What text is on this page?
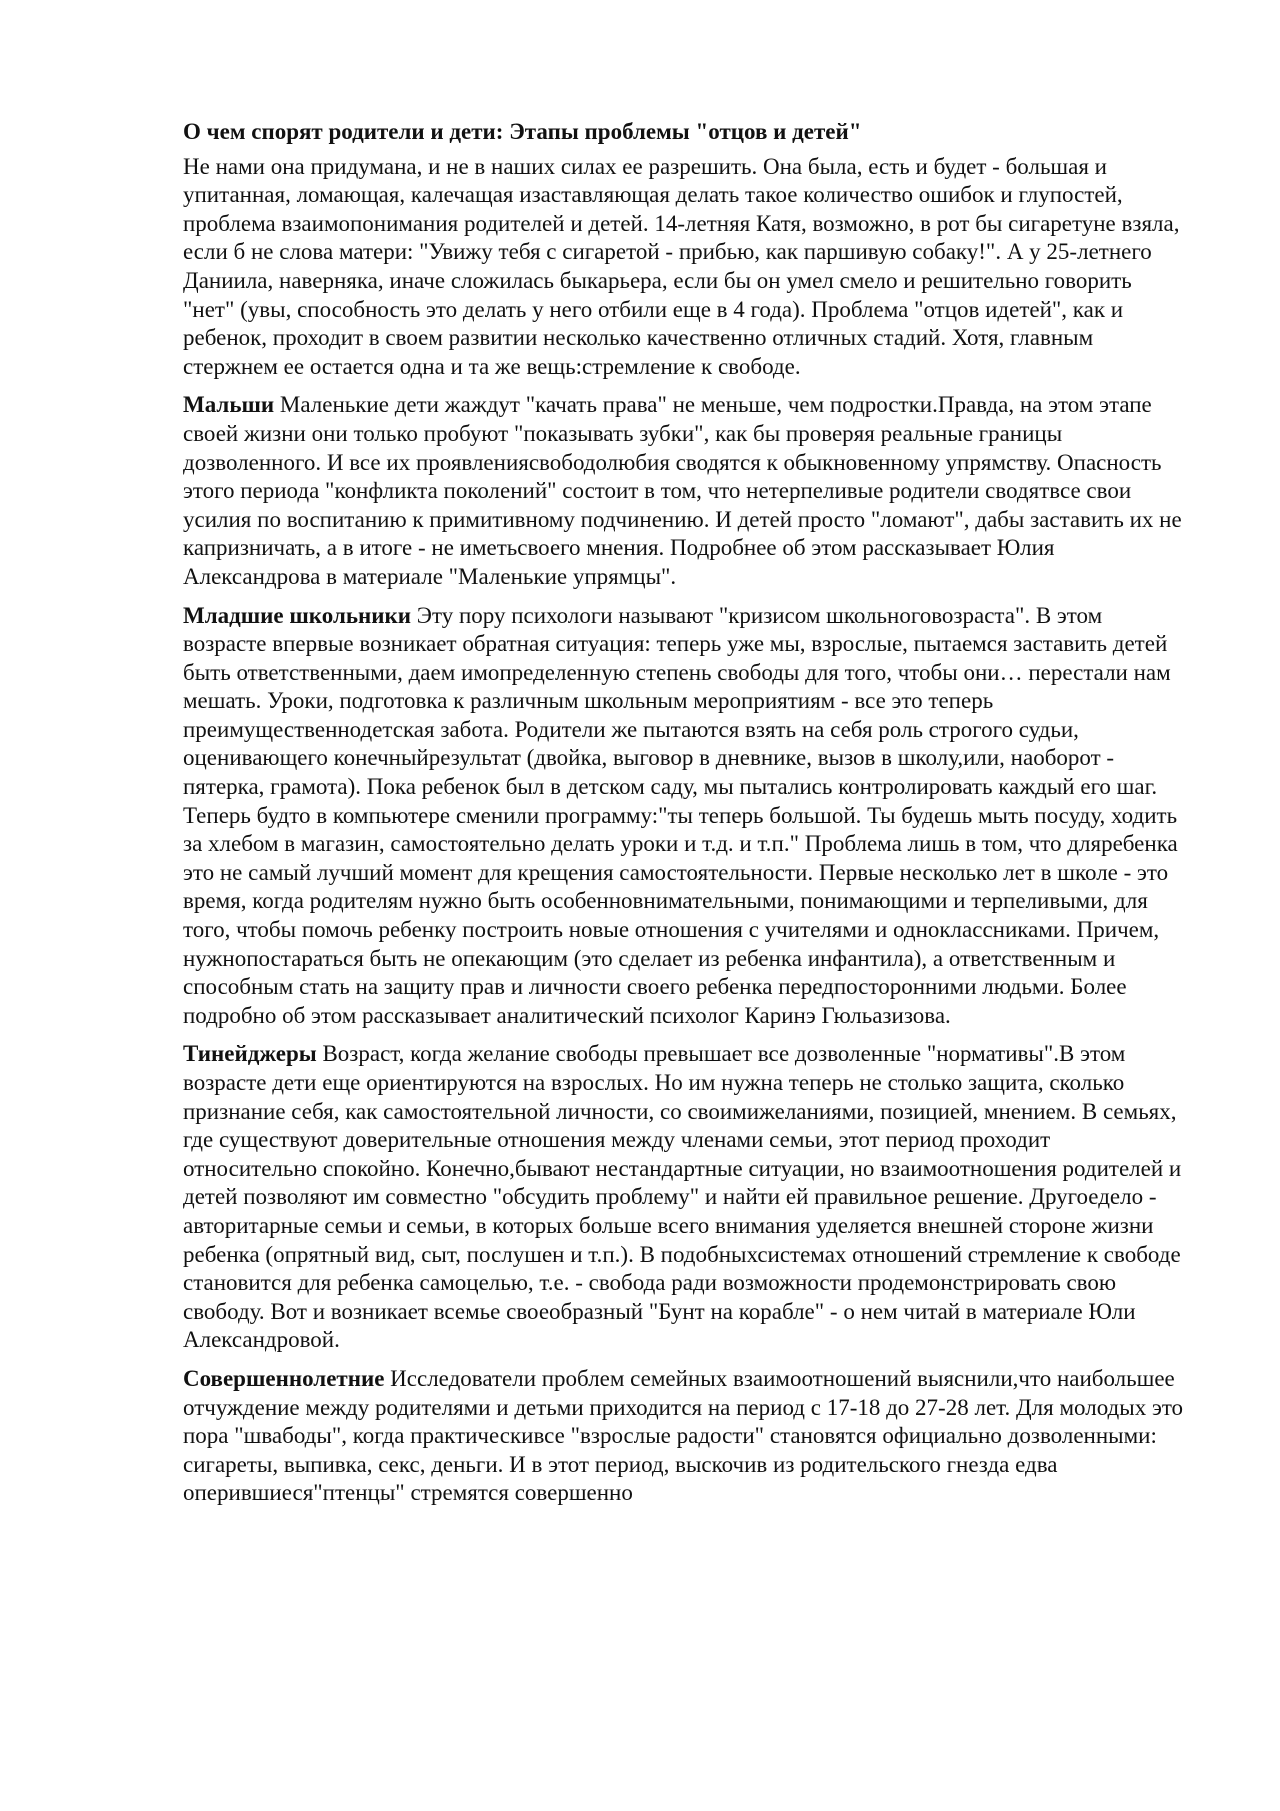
О чем спорят родители и дети: Этапы проблемы "отцов и детей"

Не нами она придумана, и не в наших силах ее разрешить. Она была, есть и будет - большая и упитанная, ломающая, калечащая изаставляющая делать такое количество ошибок и глупостей, проблема взаимопонимания родителей и детей. 14-летняя Катя, возможно, в рот бы сигаретуне взяла, если б не слова матери: "Увижу тебя с сигаретой - прибью, как паршивую собаку!". А у 25-летнего Даниила, наверняка, иначе сложилась быкарьера, если бы он умел смело и решительно говорить "нет" (увы, способность это делать у него отбили еще в 4 года). Проблема "отцов идетей", как и ребенок, проходит в своем развитии несколько качественно отличных стадий. Хотя, главным стержнем ее остается одна и та же вещь:стремление к свободе.

Мальши Маленькие дети жаждут "качать права" не меньше, чем подростки.Правда, на этом этапе своей жизни они только пробуют "показывать зубки", как бы проверяя реальные границы дозволенного. И все их проявлениясвободолюбия сводятся к обыкновенному упрямству. Опасность этого периода "конфликта поколений" состоит в том, что нетерпеливые родители сводятвсе свои усилия по воспитанию к примитивному подчинению. И детей просто "ломают", дабы заставить их не капризничать, а в итоге - не иметьсвоего мнения. Подробнее об этом рассказывает Юлия Александрова в материале "Маленькие упрямцы".

Младшие школьники Эту пору психологи называют "кризисом школьноговозраста". В этом возрасте впервые возникает обратная ситуация: теперь уже мы, взрослые, пытаемся заставить детей быть ответственными, даем имопределенную степень свободы для того, чтобы они… перестали нам мешать. Уроки, подготовка к различным школьным мероприятиям - все это теперь преимущественнодетская забота. Родители же пытаются взять на себя роль строгого судьи, оценивающего конечныйрезультат (двойка, выговор в дневнике, вызов в школу,или, наоборот - пятерка, грамота). Пока ребенок был в детском саду, мы пытались контролировать каждый его шаг. Теперь будто в компьютере сменили программу:"ты теперь большой. Ты будешь мыть посуду, ходить за хлебом в магазин, самостоятельно делать уроки и т.д. и т.п." Проблема лишь в том, что дляребенка это не самый лучший момент для крещения самостоятельности. Первые несколько лет в школе - это время, когда родителям нужно быть особенновнимательными, понимающими и терпеливыми, для того, чтобы помочь ребенку построить новые отношения с учителями и одноклассниками. Причем, нужнопостараться быть не опекающим (это сделает из ребенка инфантила), а ответственным и способным стать на защиту прав и личности своего ребенка передпосторонними людьми. Более подробно об этом рассказывает аналитический психолог Каринэ Гюльазизова.

Тинейджеры Возраст, когда желание свободы превышает все дозволенные "нормативы".В этом возрасте дети еще ориентируются на взрослых. Но им нужна теперь не столько защита, сколько признание себя, как самостоятельной личности, со своимижеланиями, позицией, мнением. В семьях, где существуют доверительные отношения между членами семьи, этот период проходит относительно спокойно. Конечно,бывают нестандартные ситуации, но взаимоотношения родителей и детей позволяют им совместно "обсудить проблему" и найти ей правильное решение. Другоедело - авторитарные семьи и семьи, в которых больше всего внимания уделяется внешней стороне жизни ребенка (опрятный вид, сыт, послушен и т.п.). В подобныхсистемах отношений стремление к свободе становится для ребенка самоцелью, т.е. - свобода ради возможности продемонстрировать свою свободу. Вот и возникает всемье своеобразный "Бунт на корабле" - о нем читай в материале Юли Александровой.

Совершеннолетние Исследователи проблем семейных взаимоотношений выяснили,что наибольшее отчуждение между родителями и детьми приходится на период с 17-18 до 27-28 лет. Для молодых это пора "швабоды", когда практическивсе "взрослые радости" становятся официально дозволенными: сигареты, выпивка, секс, деньги. И в этот период, выскочив из родительского гнезда едва оперившиеся"птенцы" стремятся совершенно
